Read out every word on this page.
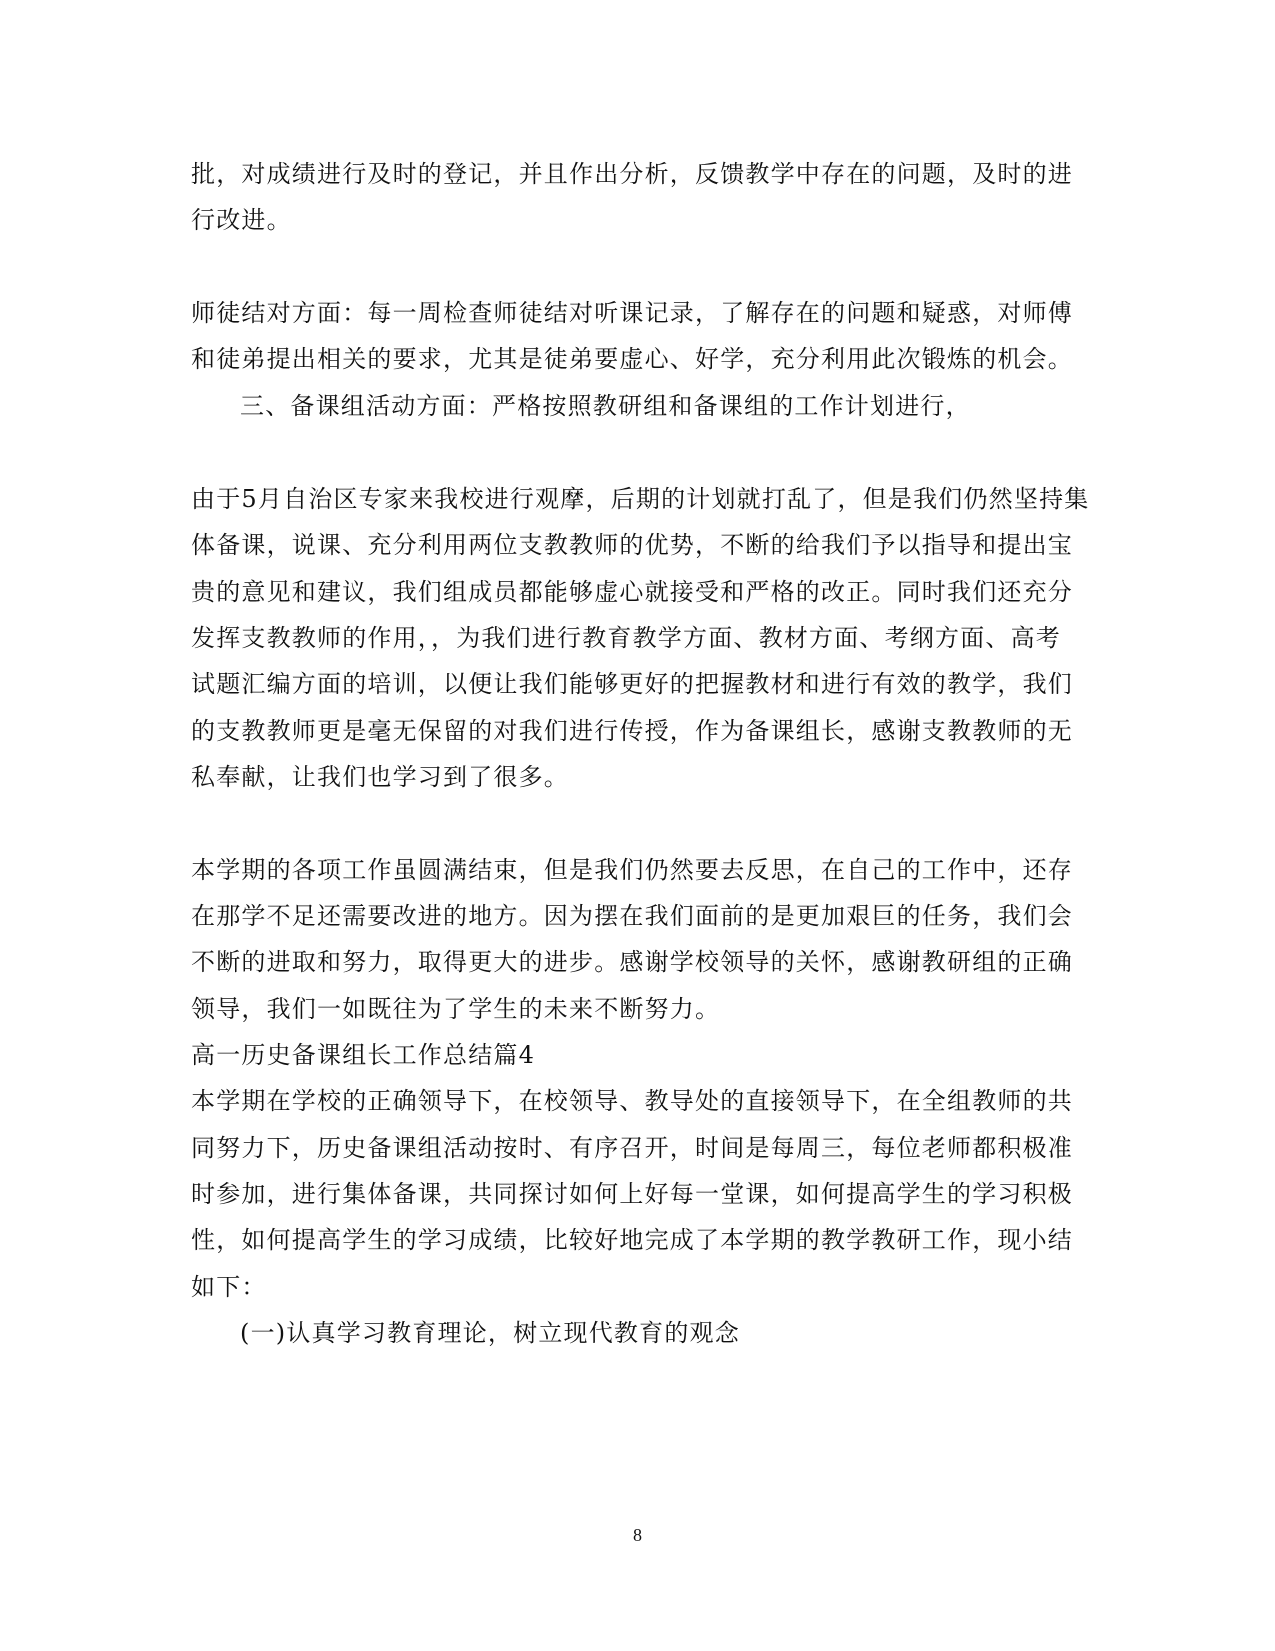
批，对成绩进行及时的登记，并且作出分析，反馈教学中存在的问题，及时的进
行改进。
师徒结对方面：每一周检查师徒结对听课记录，了解存在的问题和疑惑，对师傅
和徒弟提出相关的要求，尤其是徒弟要虚心、好学，充分利用此次锻炼的机会。
三、备课组活动方面：严格按照教研组和备课组的工作计划进行，
由于5月自治区专家来我校进行观摩，后期的计划就打乱了，但是我们仍然坚持集
体备课，说课、充分利用两位支教教师的优势，不断的给我们予以指导和提出宝
贵的意见和建议，我们组成员都能够虚心就接受和严格的改正。同时我们还充分
发挥支教教师的作用，，为我们进行教育教学方面、教材方面、考纲方面、高考
试题汇编方面的培训，以便让我们能够更好的把握教材和进行有效的教学，我们
的支教教师更是毫无保留的对我们进行传授，作为备课组长，感谢支教教师的无
私奉献，让我们也学习到了很多。
本学期的各项工作虽圆满结束，但是我们仍然要去反思，在自己的工作中，还存
在那学不足还需要改进的地方。因为摆在我们面前的是更加艰巨的任务，我们会
不断的进取和努力，取得更大的进步。感谢学校领导的关怀，感谢教研组的正确
领导，我们一如既往为了学生的未来不断努力。
高一历史备课组长工作总结篇4
本学期在学校的正确领导下，在校领导、教导处的直接领导下，在全组教师的共
同努力下，历史备课组活动按时、有序召开，时间是每周三，每位老师都积极准
时参加，进行集体备课，共同探讨如何上好每一堂课，如何提高学生的学习积极
性，如何提高学生的学习成绩，比较好地完成了本学期的教学教研工作，现小结
如下：
(一)认真学习教育理论，树立现代教育的观念
8
